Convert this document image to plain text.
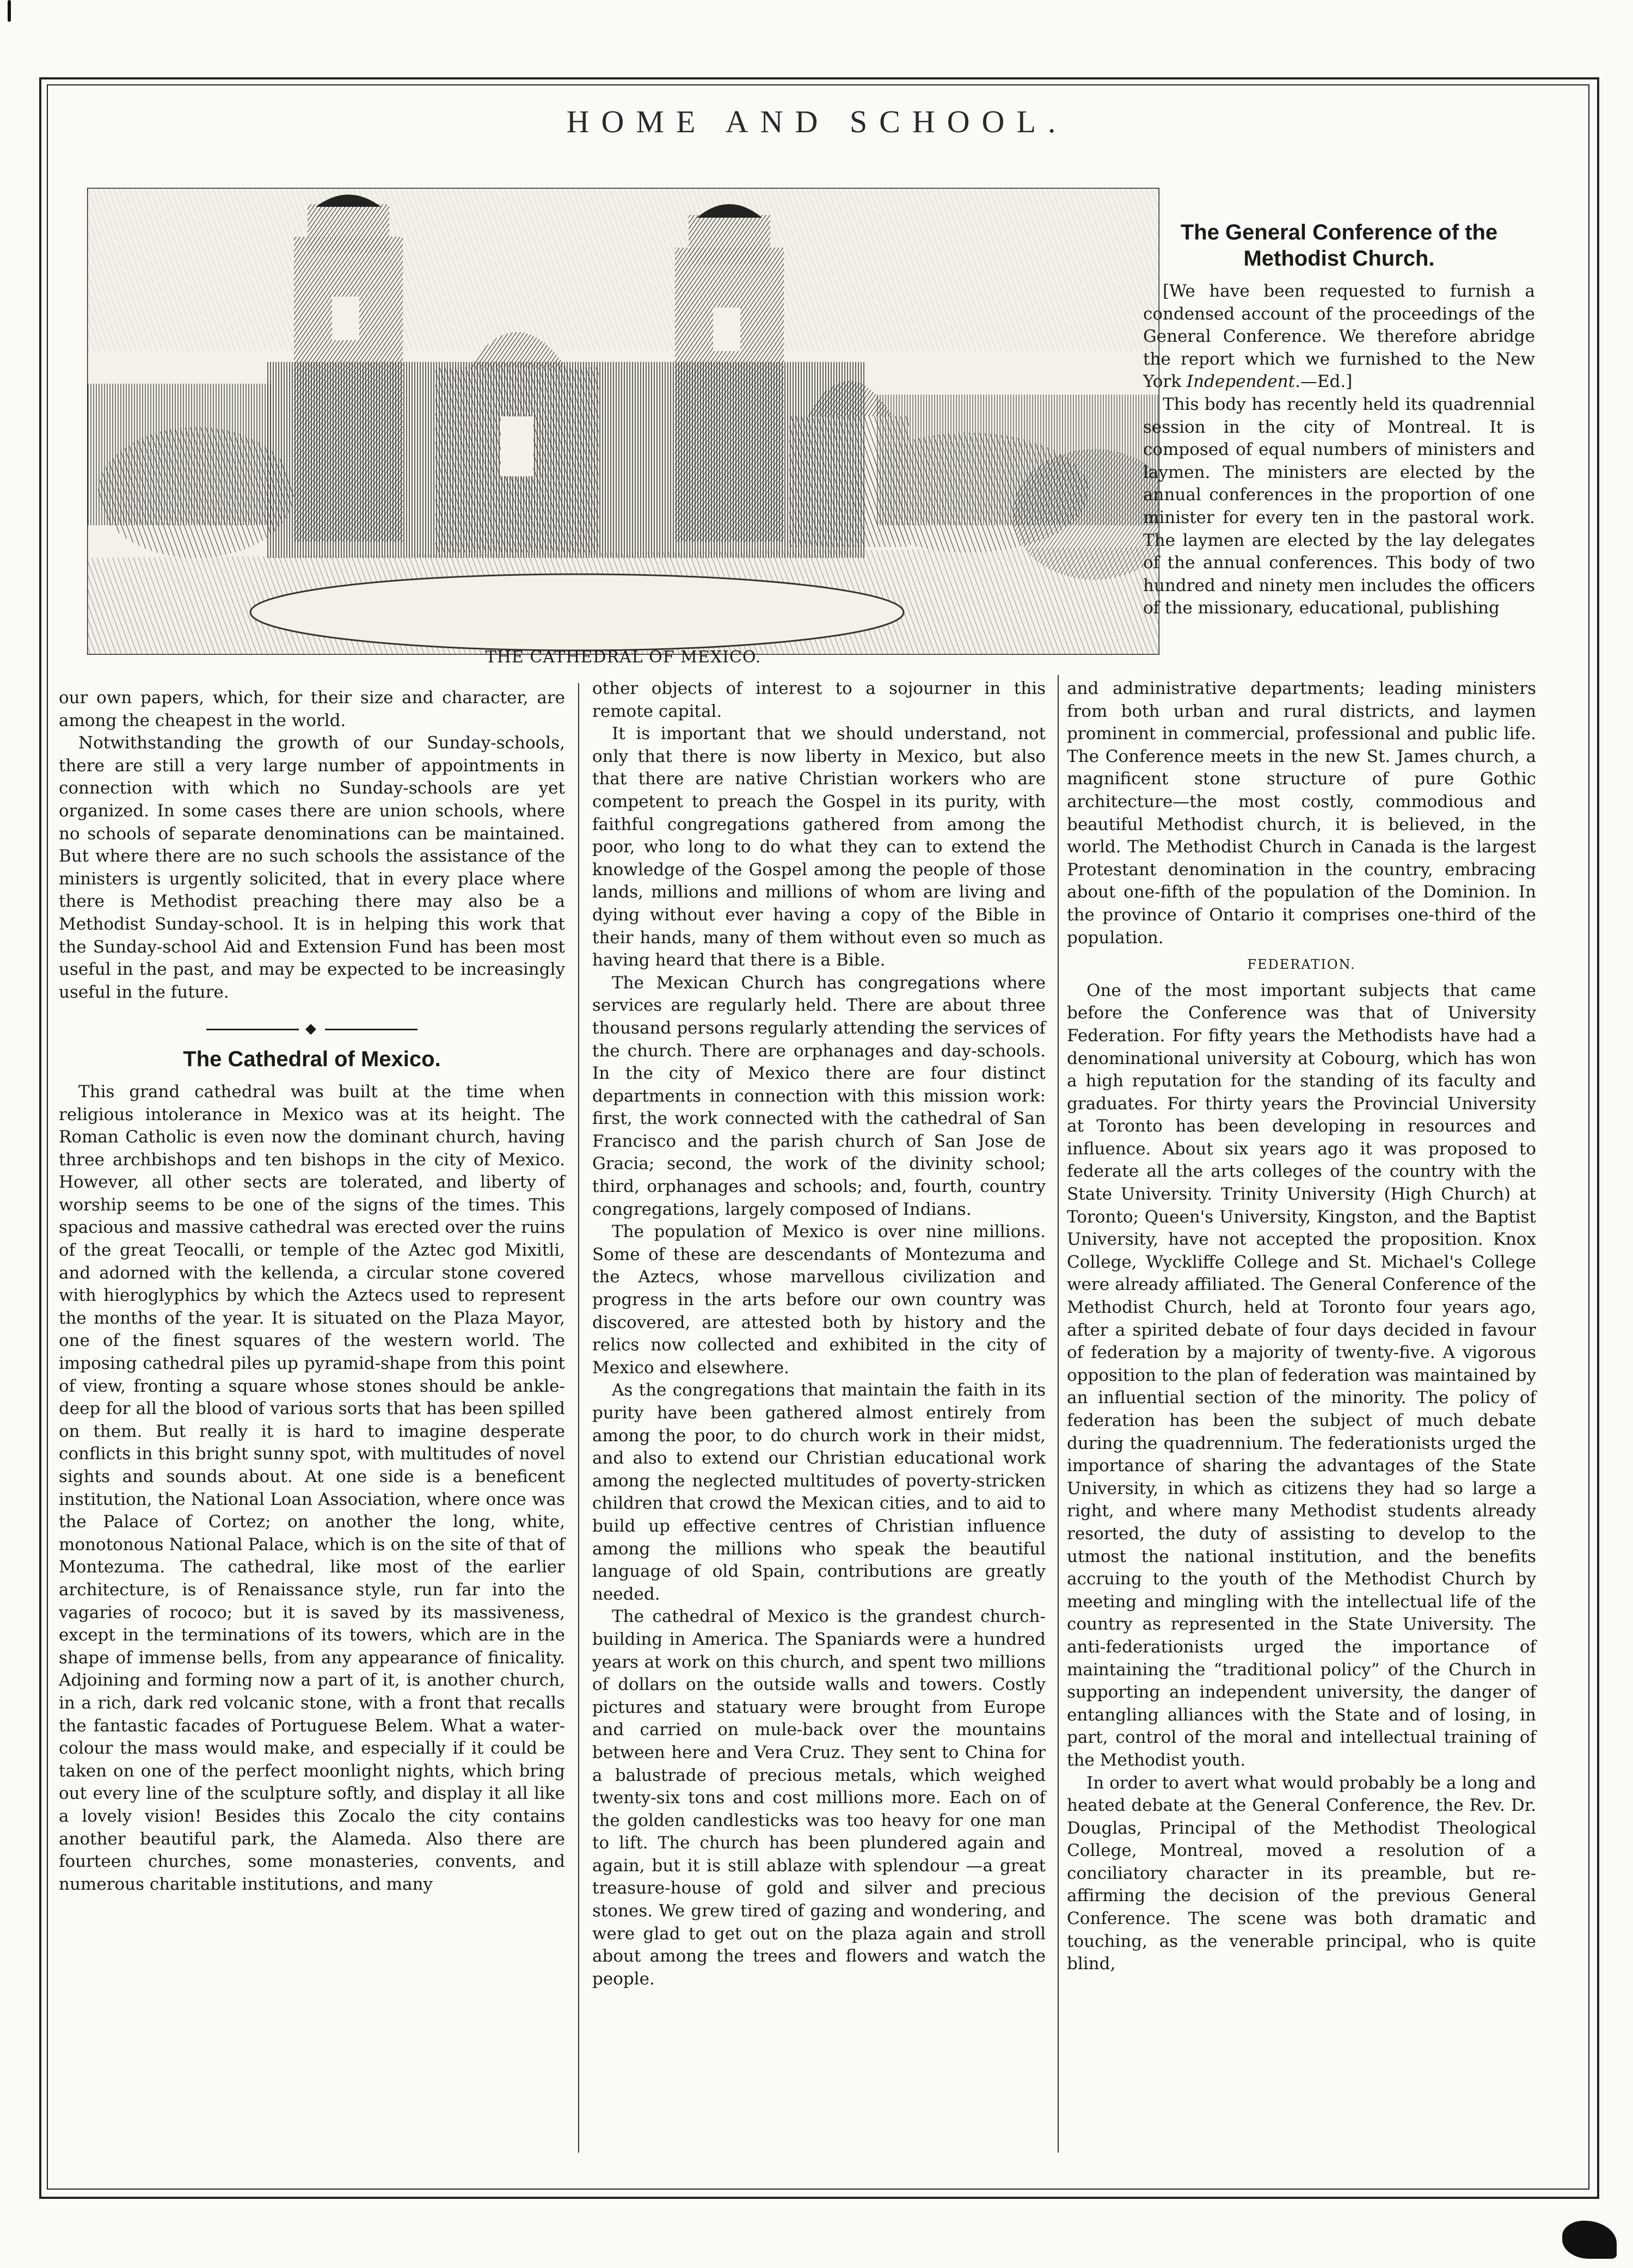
HOME AND SCHOOL.
THE CATHEDRAL OF MEXICO.
The General Conference of the Methodist Church.

[We have been requested to furnish a condensed account of the proceedings of the General Conference. We therefore abridge the report which we furnished to the New York Independent.—Ed.]

This body has recently held its quadrennial session in the city of Montreal. It is composed of equal numbers of ministers and laymen. The ministers are elected by the annual conferences in the proportion of one minister for every ten in the pastoral work. The laymen are elected by the lay delegates of the annual conferences. This body of two hundred and ninety men includes the officers of the missionary, educational, publishing

our own papers, which, for their size and character, are among the cheapest in the world.

Notwithstanding the growth of our Sunday-schools, there are still a very large number of appointments in connection with which no Sunday-schools are yet organized. In some cases there are union schools, where no schools of separate denominations can be maintained. But where there are no such schools the assistance of the ministers is urgently solicited, that in every place where there is Methodist preaching there may also be a Methodist Sunday-school. It is in helping this work that the Sunday-school Aid and Extension Fund has been most useful in the past, and may be expected to be increasingly useful in the future.

◆
The Cathedral of Mexico.

This grand cathedral was built at the time when religious intolerance in Mexico was at its height. The Roman Catholic is even now the dominant church, having three archbishops and ten bishops in the city of Mexico. However, all other sects are tolerated, and liberty of worship seems to be one of the signs of the times. This spacious and massive cathedral was erected over the ruins of the great Teocalli, or temple of the Aztec god Mixitli, and adorned with the kellenda, a circular stone covered with hieroglyphics by which the Aztecs used to represent the months of the year. It is situated on the Plaza Mayor, one of the finest squares of the western world. The imposing cathedral piles up pyramid-shape from this point of view, fronting a square whose stones should be ankle-deep for all the blood of various sorts that has been spilled on them. But really it is hard to imagine desperate conflicts in this bright sunny spot, with multitudes of novel sights and sounds about. At one side is a beneficent institution, the National Loan Association, where once was the Palace of Cortez; on another the long, white, monotonous National Palace, which is on the site of that of Montezuma. The cathedral, like most of the earlier architecture, is of Renaissance style, run far into the vagaries of rococo; but it is saved by its massiveness, except in the terminations of its towers, which are in the shape of immense bells, from any appearance of finicality. Adjoining and forming now a part of it, is another church, in a rich, dark red volcanic stone, with a front that recalls the fantastic facades of Portuguese Belem. What a water-colour the mass would make, and especially if it could be taken on one of the perfect moonlight nights, which bring out every line of the sculpture softly, and display it all like a lovely vision! Besides this Zocalo the city contains another beautiful park, the Alameda. Also there are fourteen churches, some monasteries, convents, and numerous charitable institutions, and many

other objects of interest to a sojourner in this remote capital.

It is important that we should understand, not only that there is now liberty in Mexico, but also that there are native Christian workers who are competent to preach the Gospel in its purity, with faithful congregations gathered from among the poor, who long to do what they can to extend the knowledge of the Gospel among the people of those lands, millions and millions of whom are living and dying without ever having a copy of the Bible in their hands, many of them without even so much as having heard that there is a Bible.

The Mexican Church has congregations where services are regularly held. There are about three thousand persons regularly attending the services of the church. There are orphanages and day-schools. In the city of Mexico there are four distinct departments in connection with this mission work: first, the work connected with the cathedral of San Francisco and the parish church of San Jose de Gracia; second, the work of the divinity school; third, orphanages and schools; and, fourth, country congregations, largely composed of Indians.

The population of Mexico is over nine millions. Some of these are descendants of Montezuma and the Aztecs, whose marvellous civilization and progress in the arts before our own country was discovered, are attested both by history and the relics now collected and exhibited in the city of Mexico and elsewhere.

As the congregations that maintain the faith in its purity have been gathered almost entirely from among the poor, to do church work in their midst, and also to extend our Christian educational work among the neglected multitudes of poverty-stricken children that crowd the Mexican cities, and to aid to build up effective centres of Christian influence among the millions who speak the beautiful language of old Spain, contributions are greatly needed.

The cathedral of Mexico is the grandest church-building in America. The Spaniards were a hundred years at work on this church, and spent two millions of dollars on the outside walls and towers. Costly pictures and statuary were brought from Europe and carried on mule-back over the mountains between here and Vera Cruz. They sent to China for a balustrade of precious metals, which weighed twenty-six tons and cost millions more. Each on of the golden candlesticks was too heavy for one man to lift. The church has been plundered again and again, but it is still ablaze with splendour —a great treasure-house of gold and silver and precious stones. We grew tired of gazing and wondering, and were glad to get out on the plaza again and stroll about among the trees and flowers and watch the people.

and administrative departments; leading ministers from both urban and rural districts, and laymen prominent in commercial, professional and public life. The Conference meets in the new St. James church, a magnificent stone structure of pure Gothic architecture—the most costly, commodious and beautiful Methodist church, it is believed, in the world. The Methodist Church in Canada is the largest Protestant denomination in the country, embracing about one-fifth of the population of the Dominion. In the province of Ontario it comprises one-third of the population.

FEDERATION.

One of the most important subjects that came before the Conference was that of University Federation. For fifty years the Methodists have had a denominational university at Cobourg, which has won a high reputation for the standing of its faculty and graduates. For thirty years the Provincial University at Toronto has been developing in resources and influence. About six years ago it was proposed to federate all the arts colleges of the country with the State University. Trinity University (High Church) at Toronto; Queen's University, Kingston, and the Baptist University, have not accepted the proposition. Knox College, Wyckliffe College and St. Michael's College were already affiliated. The General Conference of the Methodist Church, held at Toronto four years ago, after a spirited debate of four days decided in favour of federation by a majority of twenty-five. A vigorous opposition to the plan of federation was maintained by an influential section of the minority. The policy of federation has been the subject of much debate during the quadrennium. The federationists urged the importance of sharing the advantages of the State University, in which as citizens they had so large a right, and where many Methodist students already resorted, the duty of assisting to develop to the utmost the national institution, and the benefits accruing to the youth of the Methodist Church by meeting and mingling with the intellectual life of the country as represented in the State University. The anti-federationists urged the importance of maintaining the “traditional policy” of the Church in supporting an independent university, the danger of entangling alliances with the State and of losing, in part, control of the moral and intellectual training of the Methodist youth.

In order to avert what would probably be a long and heated debate at the General Conference, the Rev. Dr. Douglas, Principal of the Methodist Theological College, Montreal, moved a resolution of a conciliatory character in its preamble, but re-affirming the decision of the previous General Conference. The scene was both dramatic and touching, as the venerable principal, who is quite blind,
